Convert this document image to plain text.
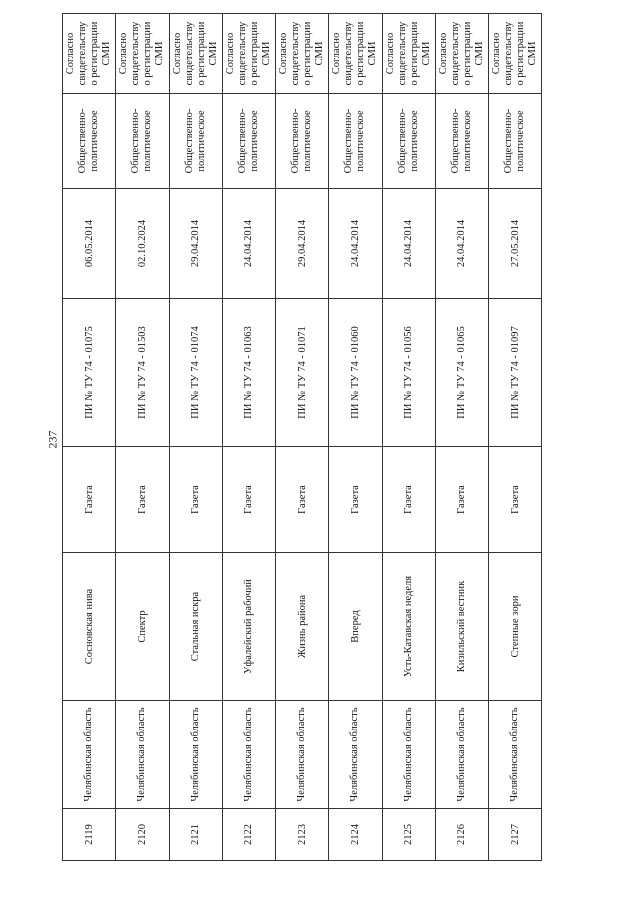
237
2119	Челябинская область	Сосновская нива	Газета	ПИ № ТУ 74 - 01075	06.05.2014	Общественно-политическое	Согласно свидетельству о регистрации СМИ
2120	Челябинская область	Спектр	Газета	ПИ № ТУ 74 - 01503	02.10.2024	Общественно-политическое	Согласно свидетельству о регистрации СМИ
2121	Челябинская область	Стальная искра	Газета	ПИ № ТУ 74 - 01074	29.04.2014	Общественно-политическое	Согласно свидетельству о регистрации СМИ
2122	Челябинская область	Уфалейский рабочий	Газета	ПИ № ТУ 74 - 01063	24.04.2014	Общественно-политическое	Согласно свидетельству о регистрации СМИ
2123	Челябинская область	Жизнь района	Газета	ПИ № ТУ 74 - 01071	29.04.2014	Общественно-политическое	Согласно свидетельству о регистрации СМИ
2124	Челябинская область	Вперед	Газета	ПИ № ТУ 74 - 01060	24.04.2014	Общественно-политическое	Согласно свидетельству о регистрации СМИ
2125	Челябинская область	Усть-Катавская неделя	Газета	ПИ № ТУ 74 - 01056	24.04.2014	Общественно-политическое	Согласно свидетельству о регистрации СМИ
2126	Челябинская область	Кизильский вестник	Газета	ПИ № ТУ 74 - 01065	24.04.2014	Общественно-политическое	Согласно свидетельству о регистрации СМИ
2127	Челябинская область	Степные зори	Газета	ПИ № ТУ 74 - 01097	27.05.2014	Общественно-политическое	Согласно свидетельству о регистрации СМИ
